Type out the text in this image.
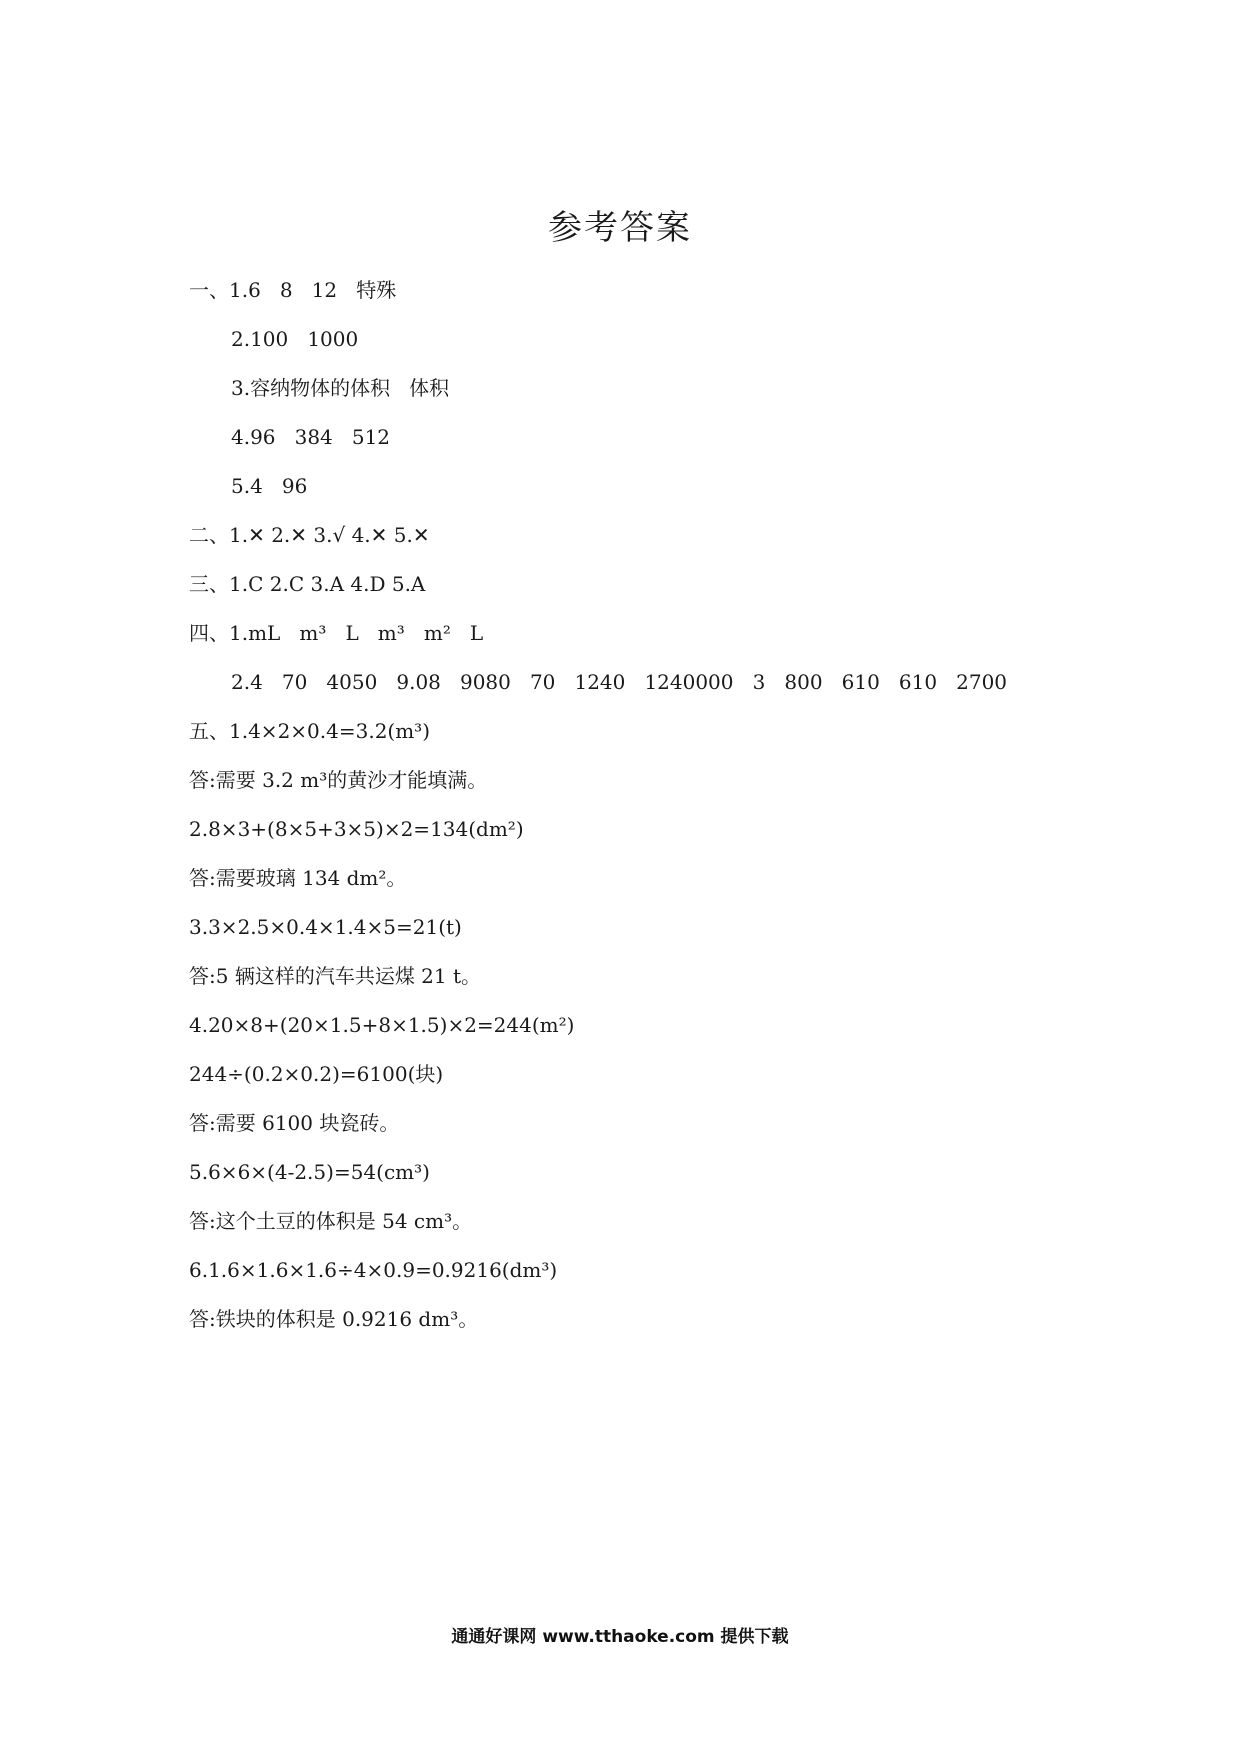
参考答案
一、1.6   8   12   特殊
2.100   1000
3.容纳物体的体积   体积
4.96   384   512
5.4   96
二、1.✕ 2.✕ 3.√ 4.✕ 5.✕
三、1.C 2.C 3.A 4.D 5.A
四、1.mL   m³   L   m³   m²   L
2.4   70   4050   9.08   9080   70   1240   1240000   3   800   610   610   2700
五、1.4×2×0.4=3.2(m³)
答:需要 3.2 m³的黄沙才能填满。
2.8×3+(8×5+3×5)×2=134(dm²)
答:需要玻璃 134 dm²。
3.3×2.5×0.4×1.4×5=21(t)
答:5 辆这样的汽车共运煤 21 t。
4.20×8+(20×1.5+8×1.5)×2=244(m²)
244÷(0.2×0.2)=6100(块)
答:需要 6100 块瓷砖。
5.6×6×(4-2.5)=54(cm³)
答:这个土豆的体积是 54 cm³。
6.1.6×1.6×1.6÷4×0.9=0.9216(dm³)
答:铁块的体积是 0.9216 dm³。
通通好课网 www.tthaoke.com 提供下载
